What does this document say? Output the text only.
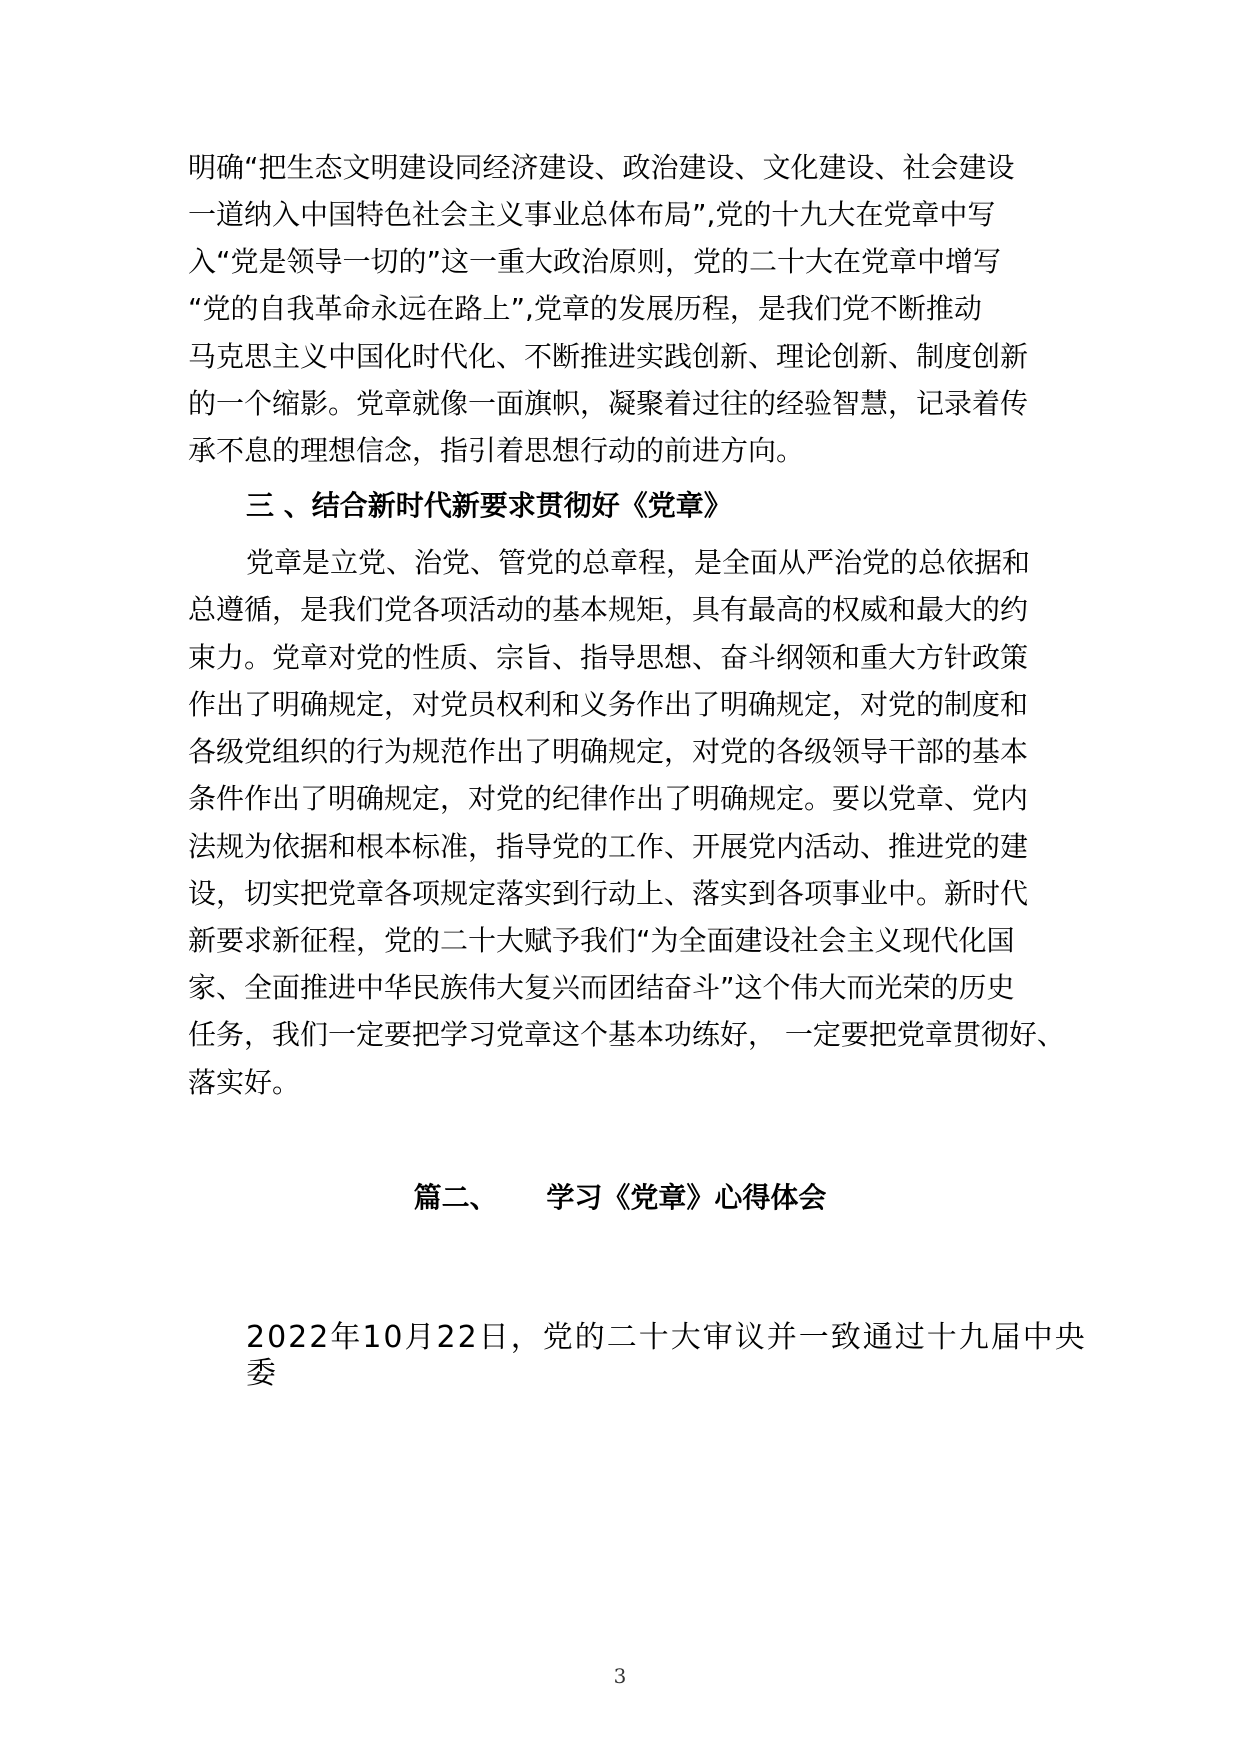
明确“把生态文明建设同经济建设、政治建设、文化建设、社会建设
一道纳入中国特色社会主义事业总体布局”,党的十九大在党章中写
入“党是领导一切的”这一重大政治原则，党的二十大在党章中增写
“党的自我革命永远在路上”,党章的发展历程，是我们党不断推动
马克思主义中国化时代化、不断推进实践创新、理论创新、制度创新
的一个缩影。党章就像一面旗帜，凝聚着过往的经验智慧，记录着传
承不息的理想信念，指引着思想行动的前进方向。
三 、结合新时代新要求贯彻好《党章》
党章是立党、治党、管党的总章程，是全面从严治党的总依据和
总遵循，是我们党各项活动的基本规矩，具有最高的权威和最大的约
束力。党章对党的性质、宗旨、指导思想、奋斗纲领和重大方针政策
作出了明确规定，对党员权利和义务作出了明确规定，对党的制度和
各级党组织的行为规范作出了明确规定，对党的各级领导干部的基本
条件作出了明确规定，对党的纪律作出了明确规定。要以党章、党内
法规为依据和根本标准，指导党的工作、开展党内活动、推进党的建
设，切实把党章各项规定落实到行动上、落实到各项事业中。新时代
新要求新征程，党的二十大赋予我们“为全面建设社会主义现代化国
家、全面推进中华民族伟大复兴而团结奋斗”这个伟大而光荣的历史
任务，我们一定要把学习党章这个基本功练好， 一定要把党章贯彻好、
落实好。
篇二、     学习《党章》心得体会
2022年10月22日，党的二十大审议并一致通过十九届中央
委
3
